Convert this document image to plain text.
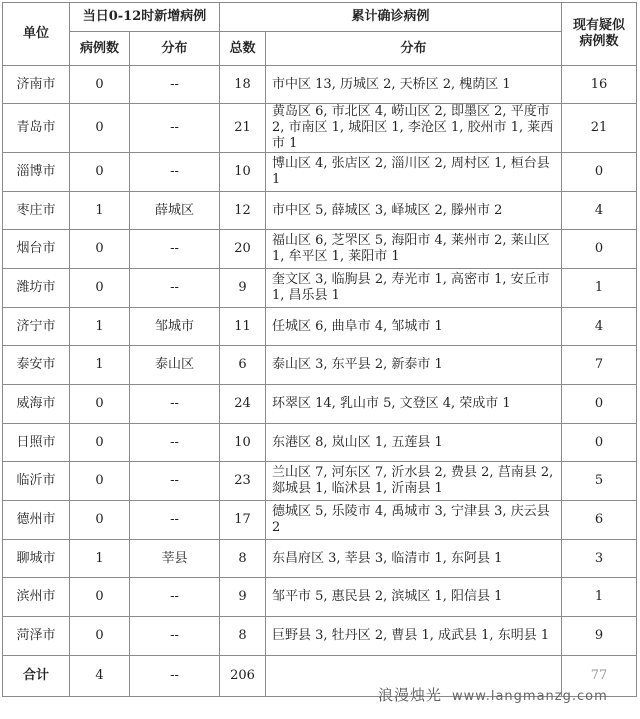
单位	当日0-12时新增病例		累计确诊病例		现有疑似
病例数

	病例数	分布	总数	分布	
济南市	0	--	18	市中区 13, 历城区 2, 天桥区 2, 槐荫区 1	16
青岛市	0	--	21	黄岛区 6, 市北区 4, 崂山区 2, 即墨区 2, 平度市 2, 市南区 1, 城阳区 1, 李沧区 1, 胶州市 1, 莱西市 1	21
淄博市	0	--	10	博山区 4, 张店区 2, 淄川区 2, 周村区 1, 桓台县 1	0
枣庄市	1	薛城区	12	市中区 5, 薛城区 3, 峄城区 2, 滕州市 2	4
烟台市	0	--	20	福山区 6, 芝罘区 5, 海阳市 4, 莱州市 2, 莱山区 1, 牟平区 1, 莱阳市 1	0
潍坊市	0	--	9	奎文区 3, 临朐县 2, 寿光市 1, 高密市 1, 安丘市 1, 昌乐县 1	1
济宁市	1	邹城市	11	任城区 6, 曲阜市 4, 邹城市 1	4
泰安市	1	泰山区	6	泰山区 3, 东平县 2, 新泰市 1	7
威海市	0	--	24	环翠区 14, 乳山市 5, 文登区 4, 荣成市 1	0
日照市	0	--	10	东港区 8, 岚山区 1, 五莲县 1	0
临沂市	0	--	23	兰山区 7, 河东区 7, 沂水县 2, 费县 2, 莒南县 2, 郯城县 1, 临沭县 1, 沂南县 1	5
德州市	0	--	17	德城区 5, 乐陵市 4, 禹城市 3, 宁津县 3, 庆云县 2	6
聊城市	1	莘县	8	东昌府区 3, 莘县 3, 临清市 1, 东阿县 1	3
滨州市	0	--	9	邹平市 5, 惠民县 2, 滨城区 1, 阳信县 1	1
菏泽市	0	--	8	巨野县 3, 牡丹区 2, 曹县 1, 成武县 1, 东明县 1	9
合计	4	--	206		77
浪漫烛光 www.langmanzg.com
